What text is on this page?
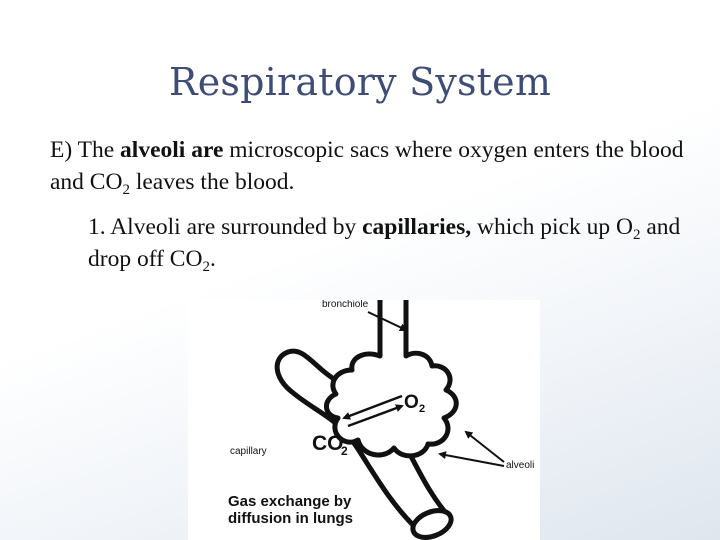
Respiratory System
E) The alveoli are microscopic sacs where oxygen enters the blood and $CO_2$ leaves the blood.
1. Alveoli are surrounded by capillaries, which pick up $O_2$ and drop off $CO_2$.
bronchiole
capillary
alveoli
O 2
CO
2
Gas exchange by
diffusion in lungs
